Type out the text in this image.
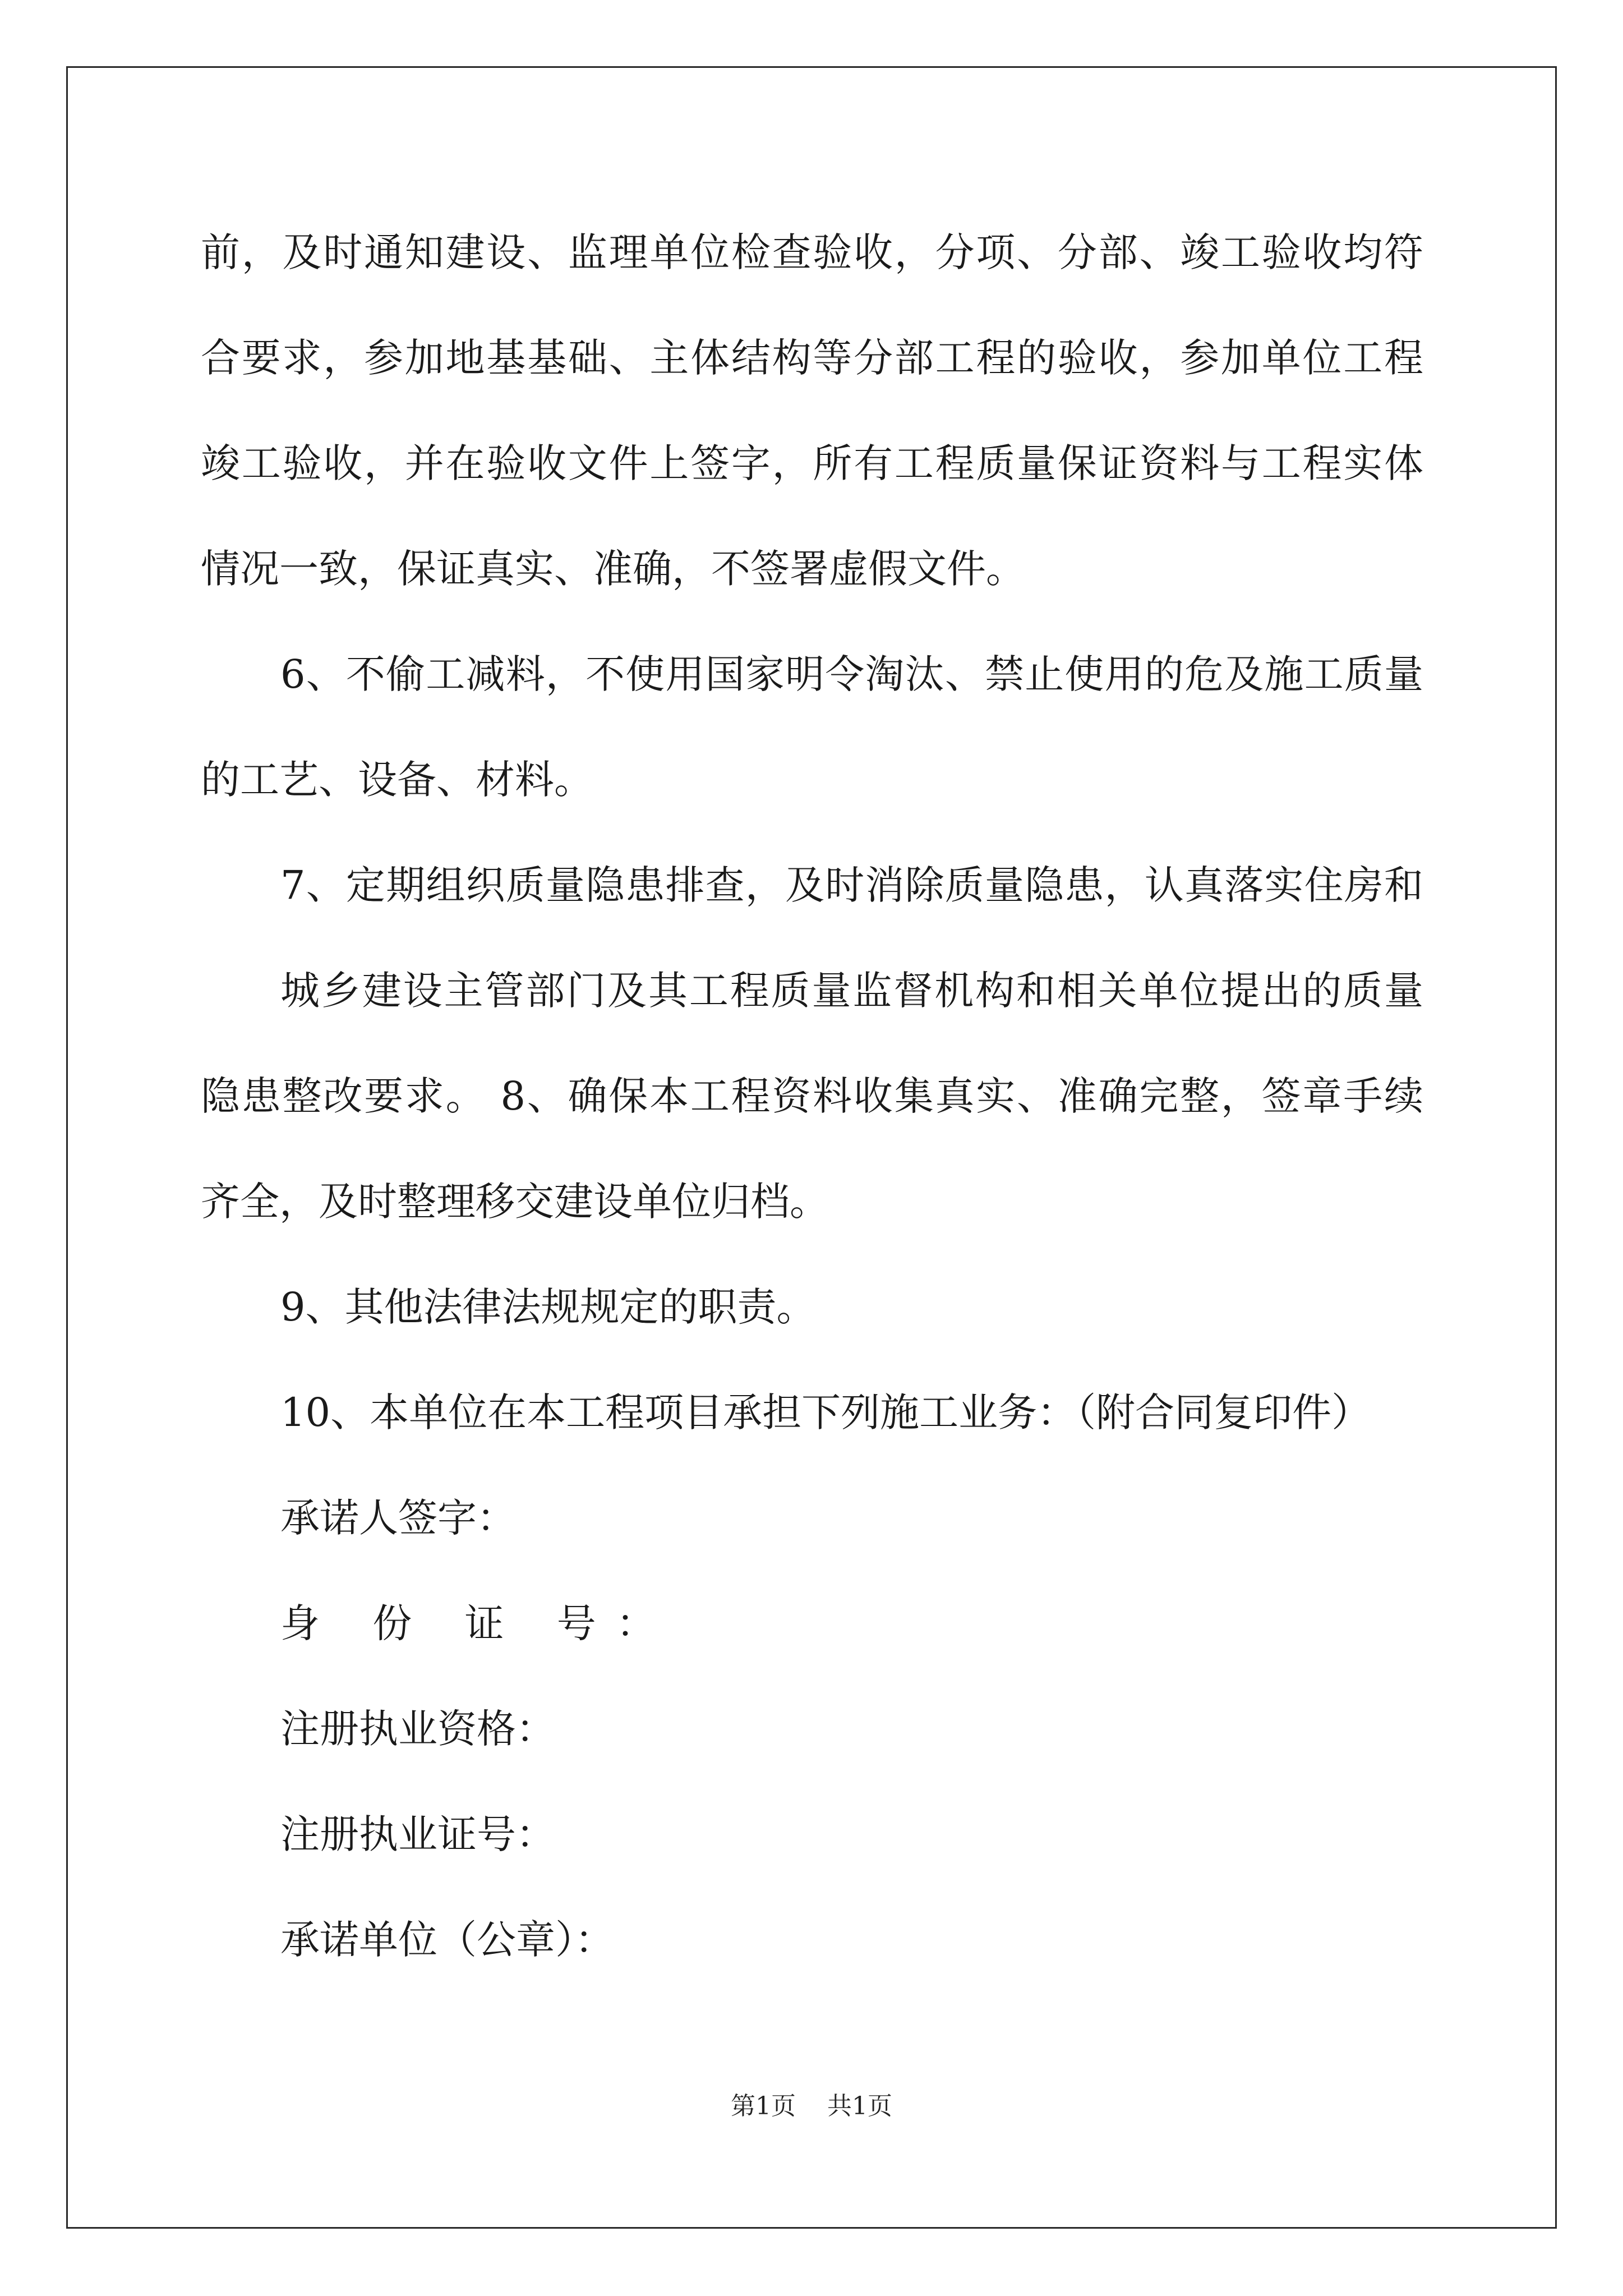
前，及时通知建设、监理单位检查验收，分项、分部、竣工验收均符
合要求，参加地基基础、主体结构等分部工程的验收，参加单位工程
竣工验收，并在验收文件上签字，所有工程质量保证资料与工程实体
情况一致，保证真实、准确，不签署虚假文件。
6、不偷工减料，不使用国家明令淘汰、禁止使用的危及施工质量
的工艺、设备、材料。
7、定期组织质量隐患排查，及时消除质量隐患，认真落实住房和
城乡建设主管部门及其工程质量监督机构和相关单位提出的质量
隐患整改要求。 8、确保本工程资料收集真实、准确完整，签章手续
齐全，及时整理移交建设单位归档。
9、其他法律法规规定的职责。
10、本单位在本工程项目承担下列施工业务：（附合同复印件）
承诺人签字：
身 份 证 号：
注册执业资格：
注册执业证号：
承诺单位（公章）：
第1页 共1页
